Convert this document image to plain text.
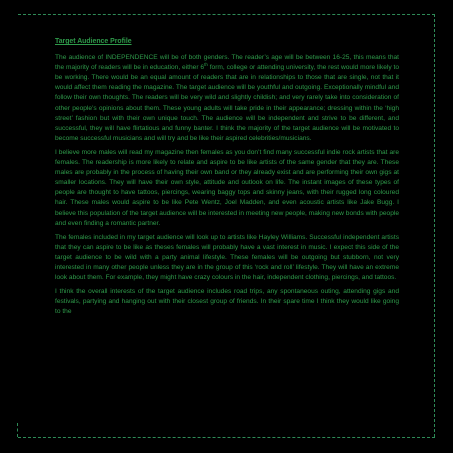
Target Audience Profile

The audience of INDEPENDENCE will be of both genders. The reader’s age will be between 16-25, this means that the majority of readers will be in education, either 6th form, college or attending university, the rest would more likely to be working. There would be an equal amount of readers that are in relationships to those that are single, not that it would affect them reading the magazine. The target audience will be youthful and outgoing. Exceptionally mindful and follow their own thoughts. The readers will be very wild and slightly childish; and very rarely take into consideration of other people’s opinions about them. These young adults will take pride in their appearance; dressing within the ‘high street’ fashion but with their own unique touch. The audience will be independent and strive to be different, and successful, they will have flirtatious and funny banter. I think the majority of the target audience will be motivated to become successful musicians and will try and be like their aspired celebrities/musicians.

I believe more males will read my magazine then females as you don’t find many successful indie rock artists that are females. The readership is more likely to relate and aspire to be like artists of the same gender that they are. These males are probably in the process of having their own band or they already exist and are performing their own gigs at smaller locations. They will have their own style, attitude and outlook on life. The instant images of these types of people are thought to have tattoos, piercings, wearing baggy tops and skinny jeans, with their rugged long coloured hair. These males would aspire to be like Pete Wentz, Joel Madden, and even acoustic artists like Jake Bugg. I believe this population of the target audience will be interested in meeting new people, making new bonds with people and even finding a romantic partner.

The females included in my target audience will look up to artists like Hayley Williams. Successful independent artists that they can aspire to be like as theses females will probably have a vast interest in music. I expect this side of the target audience to be wild with a party animal lifestyle. These females will be outgoing but stubborn, not very interested in many other people unless they are in the group of this ‘rock and roll’ lifestyle. They will have an extreme look about them. For example, they might have crazy colours in the hair, independent clothing, piercings, and tattoos.

I think the overall interests of the target audience includes road trips, any spontaneous outing, attending gigs and festivals, partying and hanging out with their closest group of friends. In their spare time I think they would like going to the
